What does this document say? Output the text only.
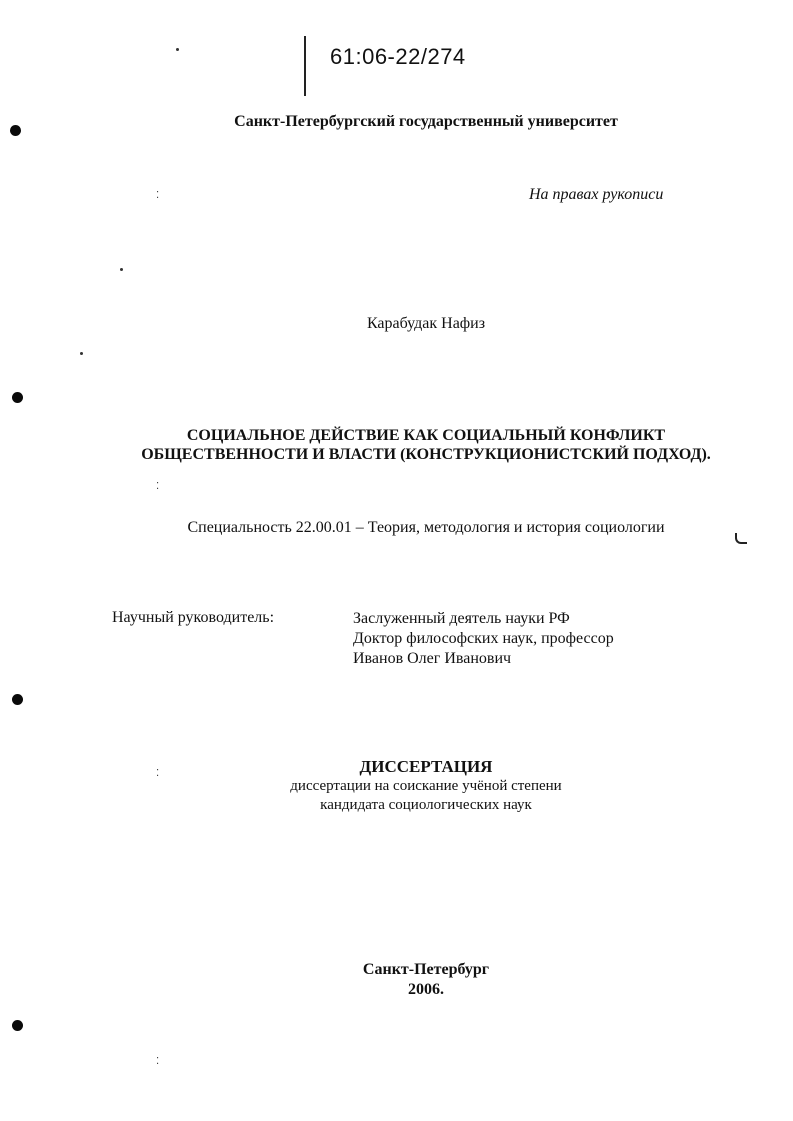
61:06-22/274
Санкт-Петербургский государственный университет
На правах рукописи
Карабудак Нафиз
СОЦИАЛЬНОЕ ДЕЙСТВИЕ КАК СОЦИАЛЬНЫЙ КОНФЛИКТ
ОБЩЕСТВЕННОСТИ И ВЛАСТИ (КОНСТРУКЦИОНИСТСКИЙ ПОДХОД).
Специальность 22.00.01 – Теория, методология и история социологии
Научный руководитель:	Заслуженный деятель науки РФ
Доктор философских наук, профессор
Иванов Олег Иванович
ДИССЕРТАЦИЯ
диссертации на соискание учёной степени
кандидата социологических наук
Санкт-Петербург
2006.
⁚
⁚
⁚
⁚
